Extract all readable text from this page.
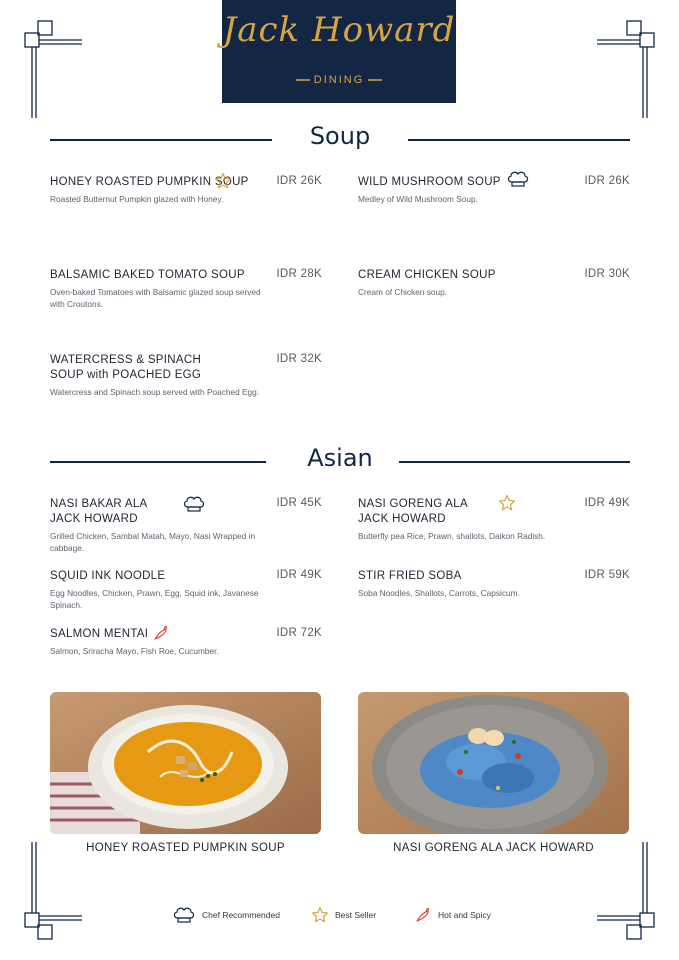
Jack Howard
DINING
Soup
HONEY ROASTED PUMPKIN SOUP IDR 26K
Roasted Butternut Pumpkin glazed with Honey.
WILD MUSHROOM SOUP	IDR 26K
Medley of Wild Mushroom Soup.
BALSAMIC BAKED TOMATO SOUP	IDR 28K
Oven-baked Tomatoes with Balsamic glazed soup served with Croutons.
CREAM CHICKEN SOUP	IDR 30K
Cream of Chicken soup.
WATERCRESS & SPINACH SOUP with POACHED EGG
IDR 32K
Watercress and Spinach soup served with Poached Egg.
Asian
NASI BAKAR ALA JACK HOWARD
IDR 45K
Grilled Chicken, Sambal Matah, Mayo, Nasi Wrapped in cabbage.
NASI GORENG ALA JACK HOWARD
IDR 49K
Butterfly pea Rice, Prawn, shallots, Daikon Radish.
SQUID INK NOODLE	IDR 49K
Egg Noodles, Chicken, Prawn, Egg, Squid ink, Javanese Spinach.
STIR FRIED SOBA	IDR 59K
Soba Noodles, Shallots, Carrots, Capsicum.
SALMON MENTAI	IDR 72K
Salmon, Sriracha Mayo, Fish Roe, Cucumber.
HONEY ROASTED PUMPKIN SOUP	NASI GORENG ALA JACK HOWARD
Chef Recommended	Best Seller	Hot and Spicy
